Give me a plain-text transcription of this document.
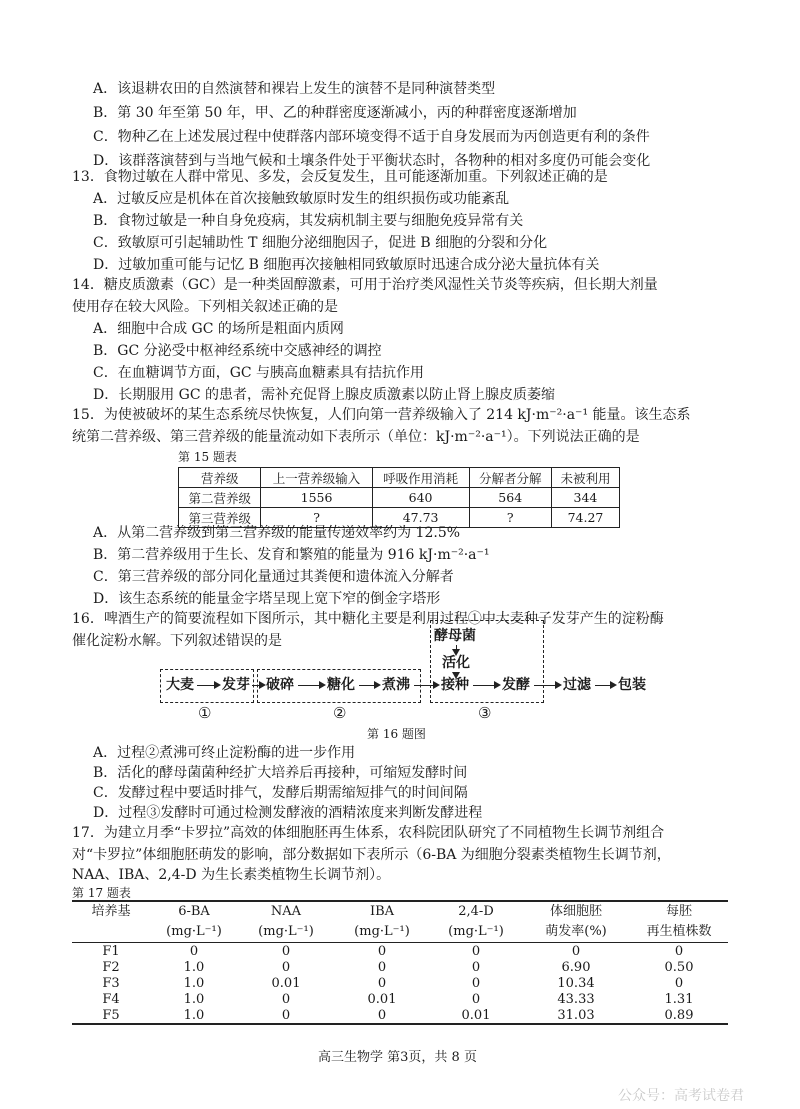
A．该退耕农田的自然演替和裸岩上发生的演替不是同种演替类型
B．第 30 年至第 50 年，甲、乙的种群密度逐渐减小，丙的种群密度逐渐增加
C．物种乙在上述发展过程中使群落内部环境变得不适于自身发展而为丙创造更有利的条件
D．该群落演替到与当地气候和土壤条件处于平衡状态时，各物种的相对多度仍可能会变化
13．食物过敏在人群中常见、多发，会反复发生，且可能逐渐加重。下列叙述正确的是
A．过敏反应是机体在首次接触致敏原时发生的组织损伤或功能紊乱
B．食物过敏是一种自身免疫病，其发病机制主要与细胞免疫异常有关
C．致敏原可引起辅助性 T 细胞分泌细胞因子，促进 B 细胞的分裂和分化
D．过敏加重可能与记忆 B 细胞再次接触相同致敏原时迅速合成分泌大量抗体有关
14．糖皮质激素（GC）是一种类固醇激素，可用于治疗类风湿性关节炎等疾病，但长期大剂量
使用存在较大风险。下列相关叙述正确的是
A．细胞中合成 GC 的场所是粗面内质网
B．GC 分泌受中枢神经系统中交感神经的调控
C．在血糖调节方面，GC 与胰高血糖素具有拮抗作用
D．长期服用 GC 的患者，需补充促肾上腺皮质激素以防止肾上腺皮质萎缩
15．为使被破坏的某生态系统尽快恢复，人们向第一营养级输入了 214 kJ·m⁻²·a⁻¹ 能量。该生态系
统第二营养级、第三营养级的能量流动如下表所示（单位：kJ·m⁻²·a⁻¹）。下列说法正确的是
第 15 题表
营养级	上一营养级输入	呼吸作用消耗	分解者分解	未被利用
第二营养级	1556	640	564	344
第三营养级	?	47.73	?	74.27
A．从第二营养级到第三营养级的能量传递效率约为 12.5%
B．第二营养级用于生长、发育和繁殖的能量为 916 kJ·m⁻²·a⁻¹
C．第三营养级的部分同化量通过其粪便和遗体流入分解者
D．该生态系统的能量金字塔呈现上宽下窄的倒金字塔形
16．啤酒生产的简要流程如下图所示，其中糖化主要是利用过程①中大麦种子发芽产生的淀粉酶
催化淀粉水解。下列叙述错误的是
大麦 发芽 破碎 糖化 煮沸 接种 发酵 过滤 包装
酵母菌
活化
①	②	③
第 16 题图
A．过程②煮沸可终止淀粉酶的进一步作用
B．活化的酵母菌菌种经扩大培养后再接种，可缩短发酵时间
C．发酵过程中要适时排气，发酵后期需缩短排气的时间间隔
D．过程③发酵时可通过检测发酵液的酒精浓度来判断发酵进程
17．为建立月季“卡罗拉”高效的体细胞胚再生体系，农科院团队研究了不同植物生长调节剂组合
对“卡罗拉”体细胞胚萌发的影响，部分数据如下表所示（6-BA 为细胞分裂素类植物生长调节剂，
NAA、IBA、2,4-D 为生长素类植物生长调节剂）。
第 17 题表
培养基	6-BA	NAA	IBA	2,4-D	体细胞胚	每胚
	(mg·L⁻¹)	(mg·L⁻¹)	(mg·L⁻¹)	(mg·L⁻¹)	萌发率(%)	再生植株数
F1	0	0	0	0	0	0
F2	1.0	0	0	0	6.90	0.50
F3	1.0	0.01	0	0	10.34	0
F4	1.0	0	0.01	0	43.33	1.31
F5	1.0	0	0	0.01	31.03	0.89
高三生物学 第3页，共 8 页
公众号：高考试卷君
